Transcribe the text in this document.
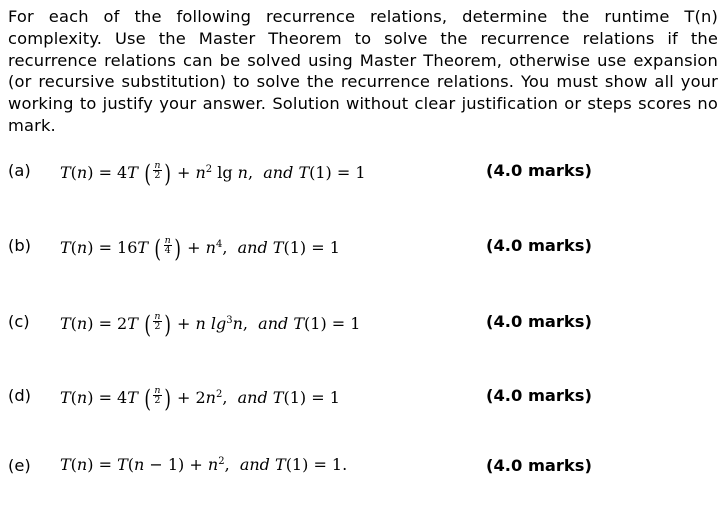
For each of the following recurrence relations, determine the runtime T(n) complexity. Use the Master Theorem to solve the recurrence relations if the recurrence relations can be solved using Master Theorem, otherwise use expansion (or recursive substitution) to solve the recurrence relations. You must show all your working to justify your answer. Solution without clear justification or steps scores no mark.

(a) T(n) = 4T ( $\frac{n}{2}$ ) + $n^2$ lg n,  and T(1) = 1	(4.0 marks)
(b) T(n) = 16T ( $\frac{n}{4}$ ) + $n^4$,  and T(1) = 1	(4.0 marks)
(c) T(n) = 2T ( $\frac{n}{2}$ ) + n $\lg^3n$,  and T(1) = 1	(4.0 marks)
(d) T(n) = 4T ( $\frac{n}{2}$ ) + $2n^2$,  and T(1) = 1	(4.0 marks)
(e) $T(n) = T(n - 1) + n^2$,  and T(1) = 1.	(4.0 marks)
